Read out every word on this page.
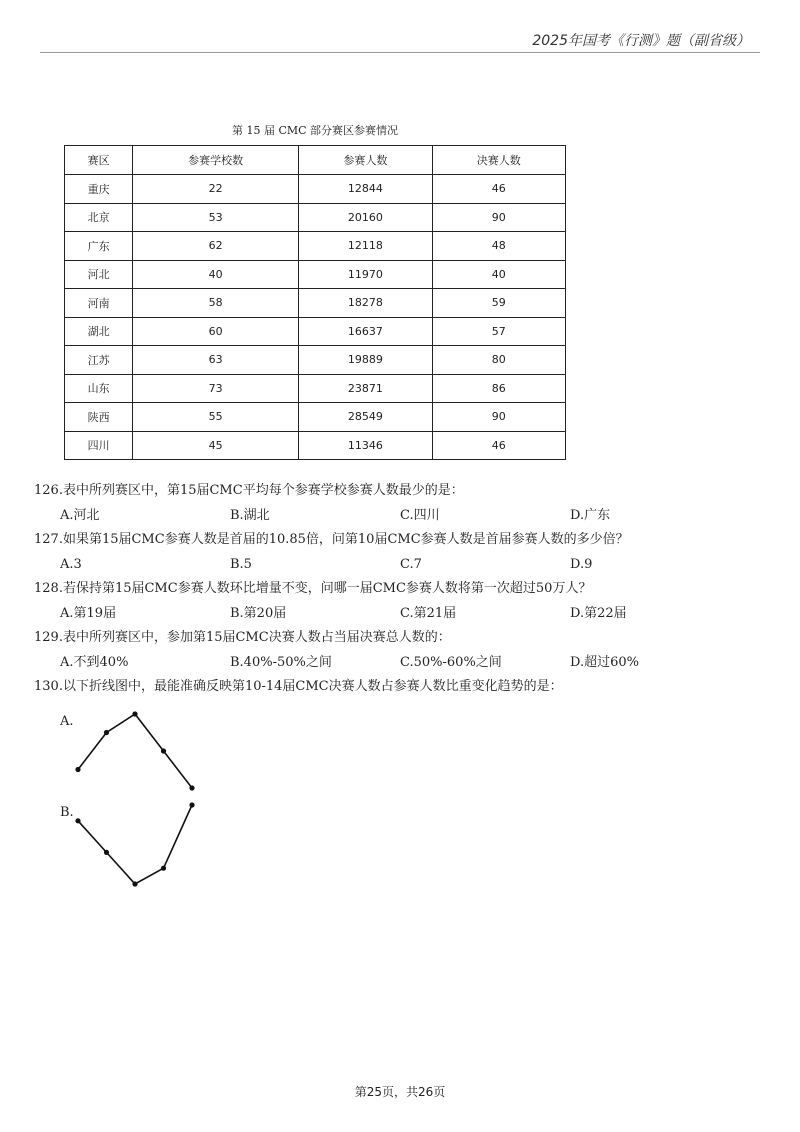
2025年国考《行测》题（副省级）
第 15 届 CMC 部分赛区参赛情况
赛区	参赛学校数	参赛人数	决赛人数
重庆	22	12844	46
北京	53	20160	90
广东	62	12118	48
河北	40	11970	40
河南	58	18278	59
湖北	60	16637	57
江苏	63	19889	80
山东	73	23871	86
陕西	55	28549	90
四川	45	11346	46
126.表中所列赛区中，第15届CMC平均每个参赛学校参赛人数最少的是：
A.河北	B.湖北	C.四川	D.广东
127.如果第15届CMC参赛人数是首届的10.85倍，问第10届CMC参赛人数是首届参赛人数的多少倍？
A.3	B.5	C.7	D.9
128.若保持第15届CMC参赛人数环比增量不变，问哪一届CMC参赛人数将第一次超过50万人？
A.第19届	B.第20届	C.第21届	D.第22届
129.表中所列赛区中，参加第15届CMC决赛人数占当届决赛总人数的：
A.不到40%	B.40%-50%之间	C.50%-60%之间	D.超过60%
130.以下折线图中，最能准确反映第10-14届CMC决赛人数占参赛人数比重变化趋势的是：
A.
B.
第25页，共26页
